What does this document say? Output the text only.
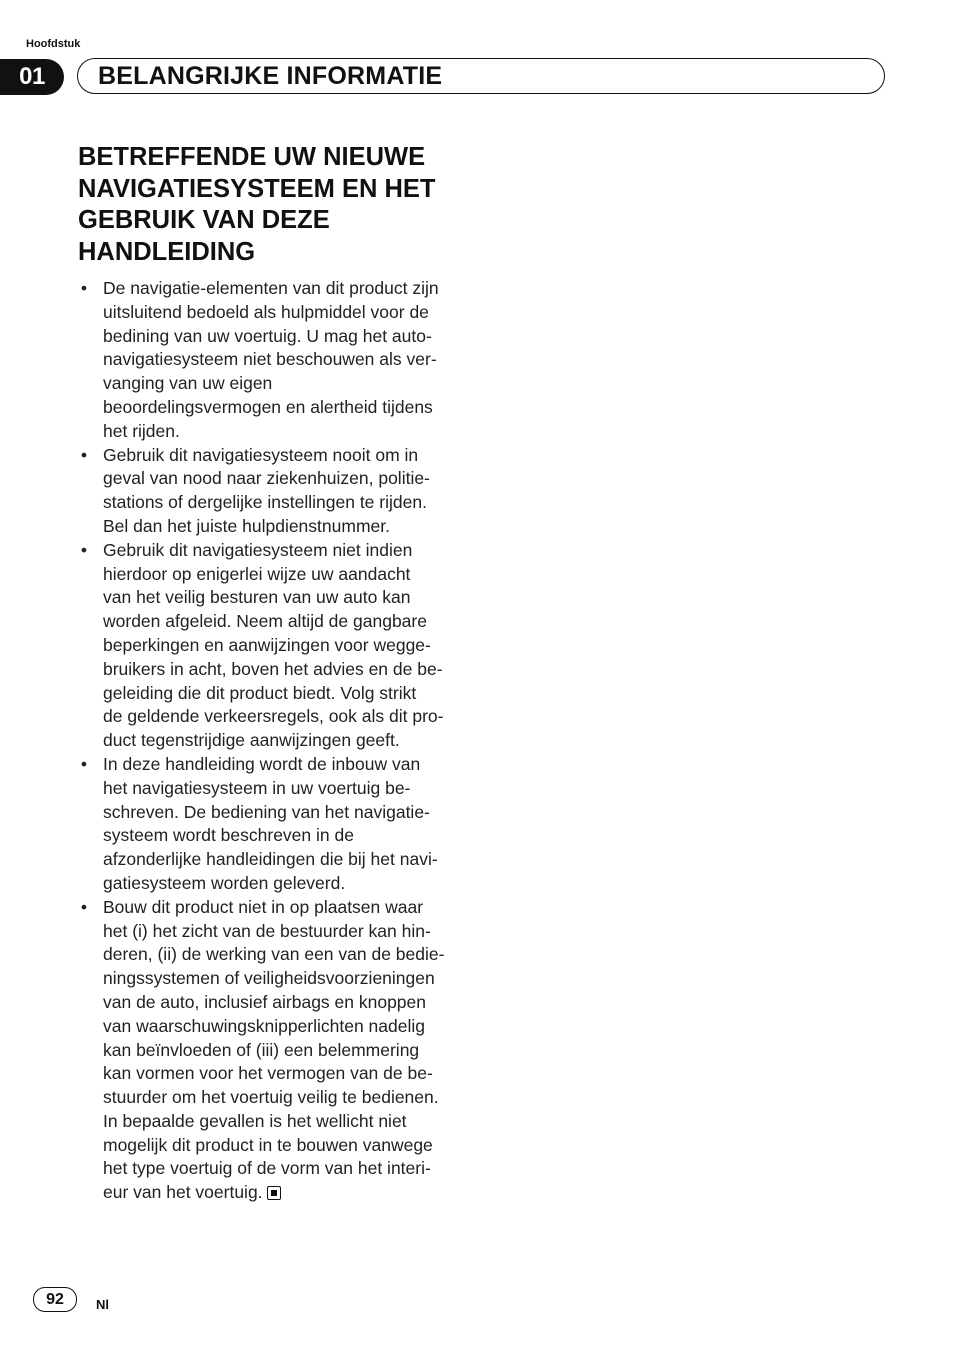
Hoofdstuk
01	BELANGRIJKE INFORMATIE
BETREFFENDE UW NIEUWE
NAVIGATIESYSTEEM EN HET
GEBRUIK VAN DEZE
HANDLEIDING
• De navigatie-elementen van dit product zijn
uitsluitend bedoeld als hulpmiddel voor de
bedining van uw voertuig. U mag het auto-
navigatiesysteem niet beschouwen als ver-
vanging van uw eigen
beoordelingsvermogen en alertheid tijdens
het rijden.
• Gebruik dit navigatiesysteem nooit om in
geval van nood naar ziekenhuizen, politie-
stations of dergelijke instellingen te rijden.
Bel dan het juiste hulpdienstnummer.
• Gebruik dit navigatiesysteem niet indien
hierdoor op enigerlei wijze uw aandacht
van het veilig besturen van uw auto kan
worden afgeleid. Neem altijd de gangbare
beperkingen en aanwijzingen voor wegge-
bruikers in acht, boven het advies en de be-
geleiding die dit product biedt. Volg strikt
de geldende verkeersregels, ook als dit pro-
duct tegenstrijdige aanwijzingen geeft.
• In deze handleiding wordt de inbouw van
het navigatiesysteem in uw voertuig be-
schreven. De bediening van het navigatie-
systeem wordt beschreven in de
afzonderlijke handleidingen die bij het navi-
gatiesysteem worden geleverd.
• Bouw dit product niet in op plaatsen waar
het (i) het zicht van de bestuurder kan hin-
deren, (ii) de werking van een van de bedie-
ningssystemen of veiligheidsvoorzieningen
van de auto, inclusief airbags en knoppen
van waarschuwingsknipperlichten nadelig
kan beïnvloeden of (iii) een belemmering
kan vormen voor het vermogen van de be-
stuurder om het voertuig veilig te bedienen.
In bepaalde gevallen is het wellicht niet
mogelijk dit product in te bouwen vanwege
het type voertuig of de vorm van het interi-
eur van het voertuig.
92	Nl
